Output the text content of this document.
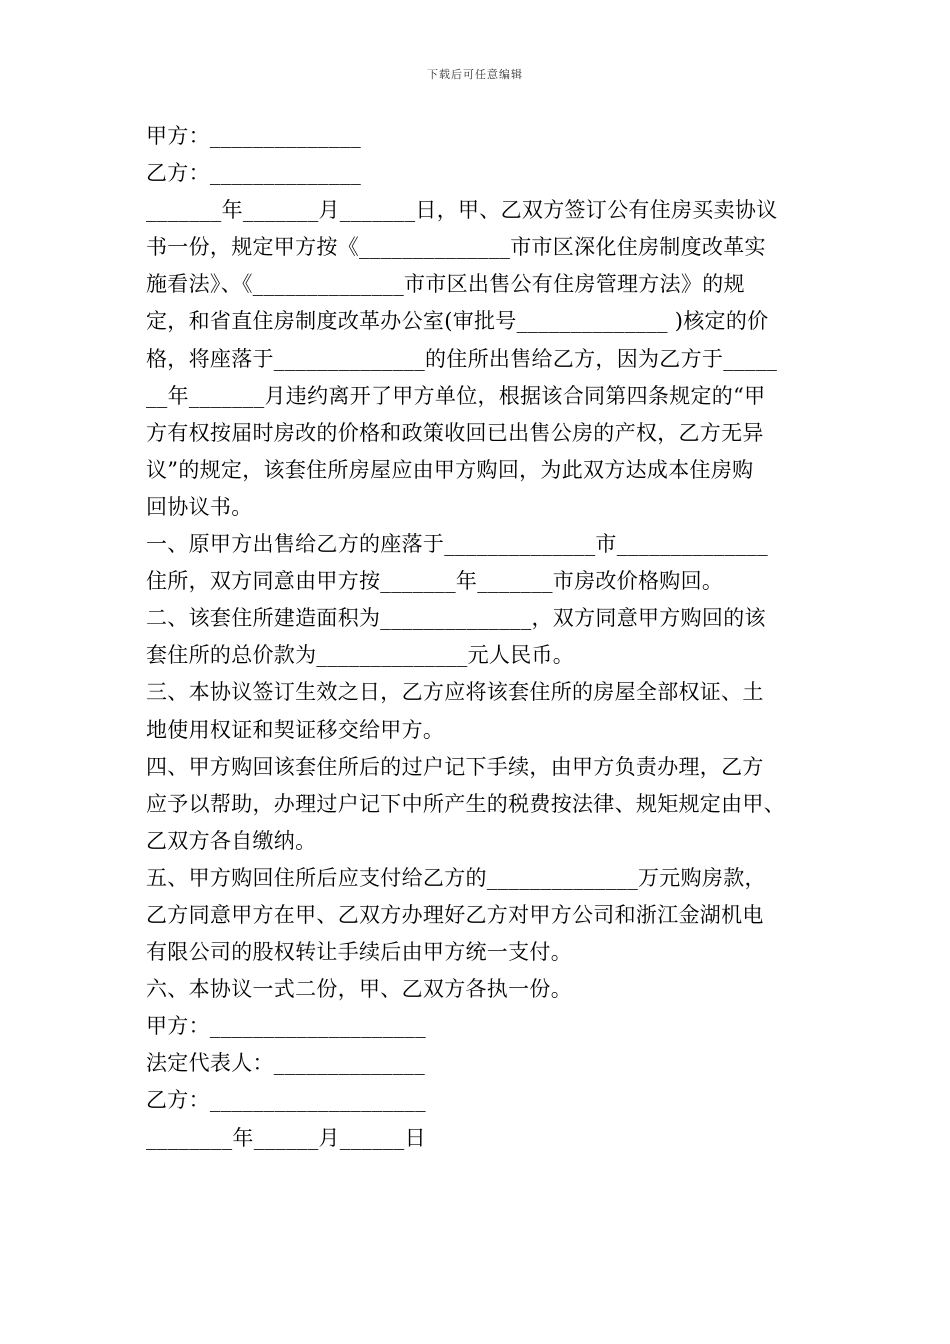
下载后可任意编辑
甲方：______________
乙方：______________
_______年_______月_______日，甲、乙双方签订公有住房买卖协议
书一份，规定甲方按《______________市市区深化住房制度改革实
施看法》、《______________市市区出售公有住房管理方法》的规
定，和省直住房制度改革办公室(审批号______________ )核定的价
格，将座落于______________的住所出售给乙方，因为乙方于_____
__年_______月违约离开了甲方单位，根据该合同第四条规定的“甲
方有权按届时房改的价格和政策收回已出售公房的产权，乙方无异
议”的规定，该套住所房屋应由甲方购回，为此双方达成本住房购
回协议书。
一、原甲方出售给乙方的座落于______________市______________
住所，双方同意由甲方按_______年_______市房改价格购回。
二、该套住所建造面积为______________，双方同意甲方购回的该
套住所的总价款为______________元人民币。
三、本协议签订生效之日，乙方应将该套住所的房屋全部权证、土
地使用权证和契证移交给甲方。
四、甲方购回该套住所后的过户记下手续，由甲方负责办理，乙方
应予以帮助，办理过户记下中所产生的税费按法律、规矩规定由甲、
乙双方各自缴纳。
五、甲方购回住所后应支付给乙方的______________万元购房款，
乙方同意甲方在甲、乙双方办理好乙方对甲方公司和浙江金湖机电
有限公司的股权转让手续后由甲方统一支付。
六、本协议一式二份，甲、乙双方各执一份。
甲方：____________________
法定代表人：______________
乙方：____________________
________年______月______日
